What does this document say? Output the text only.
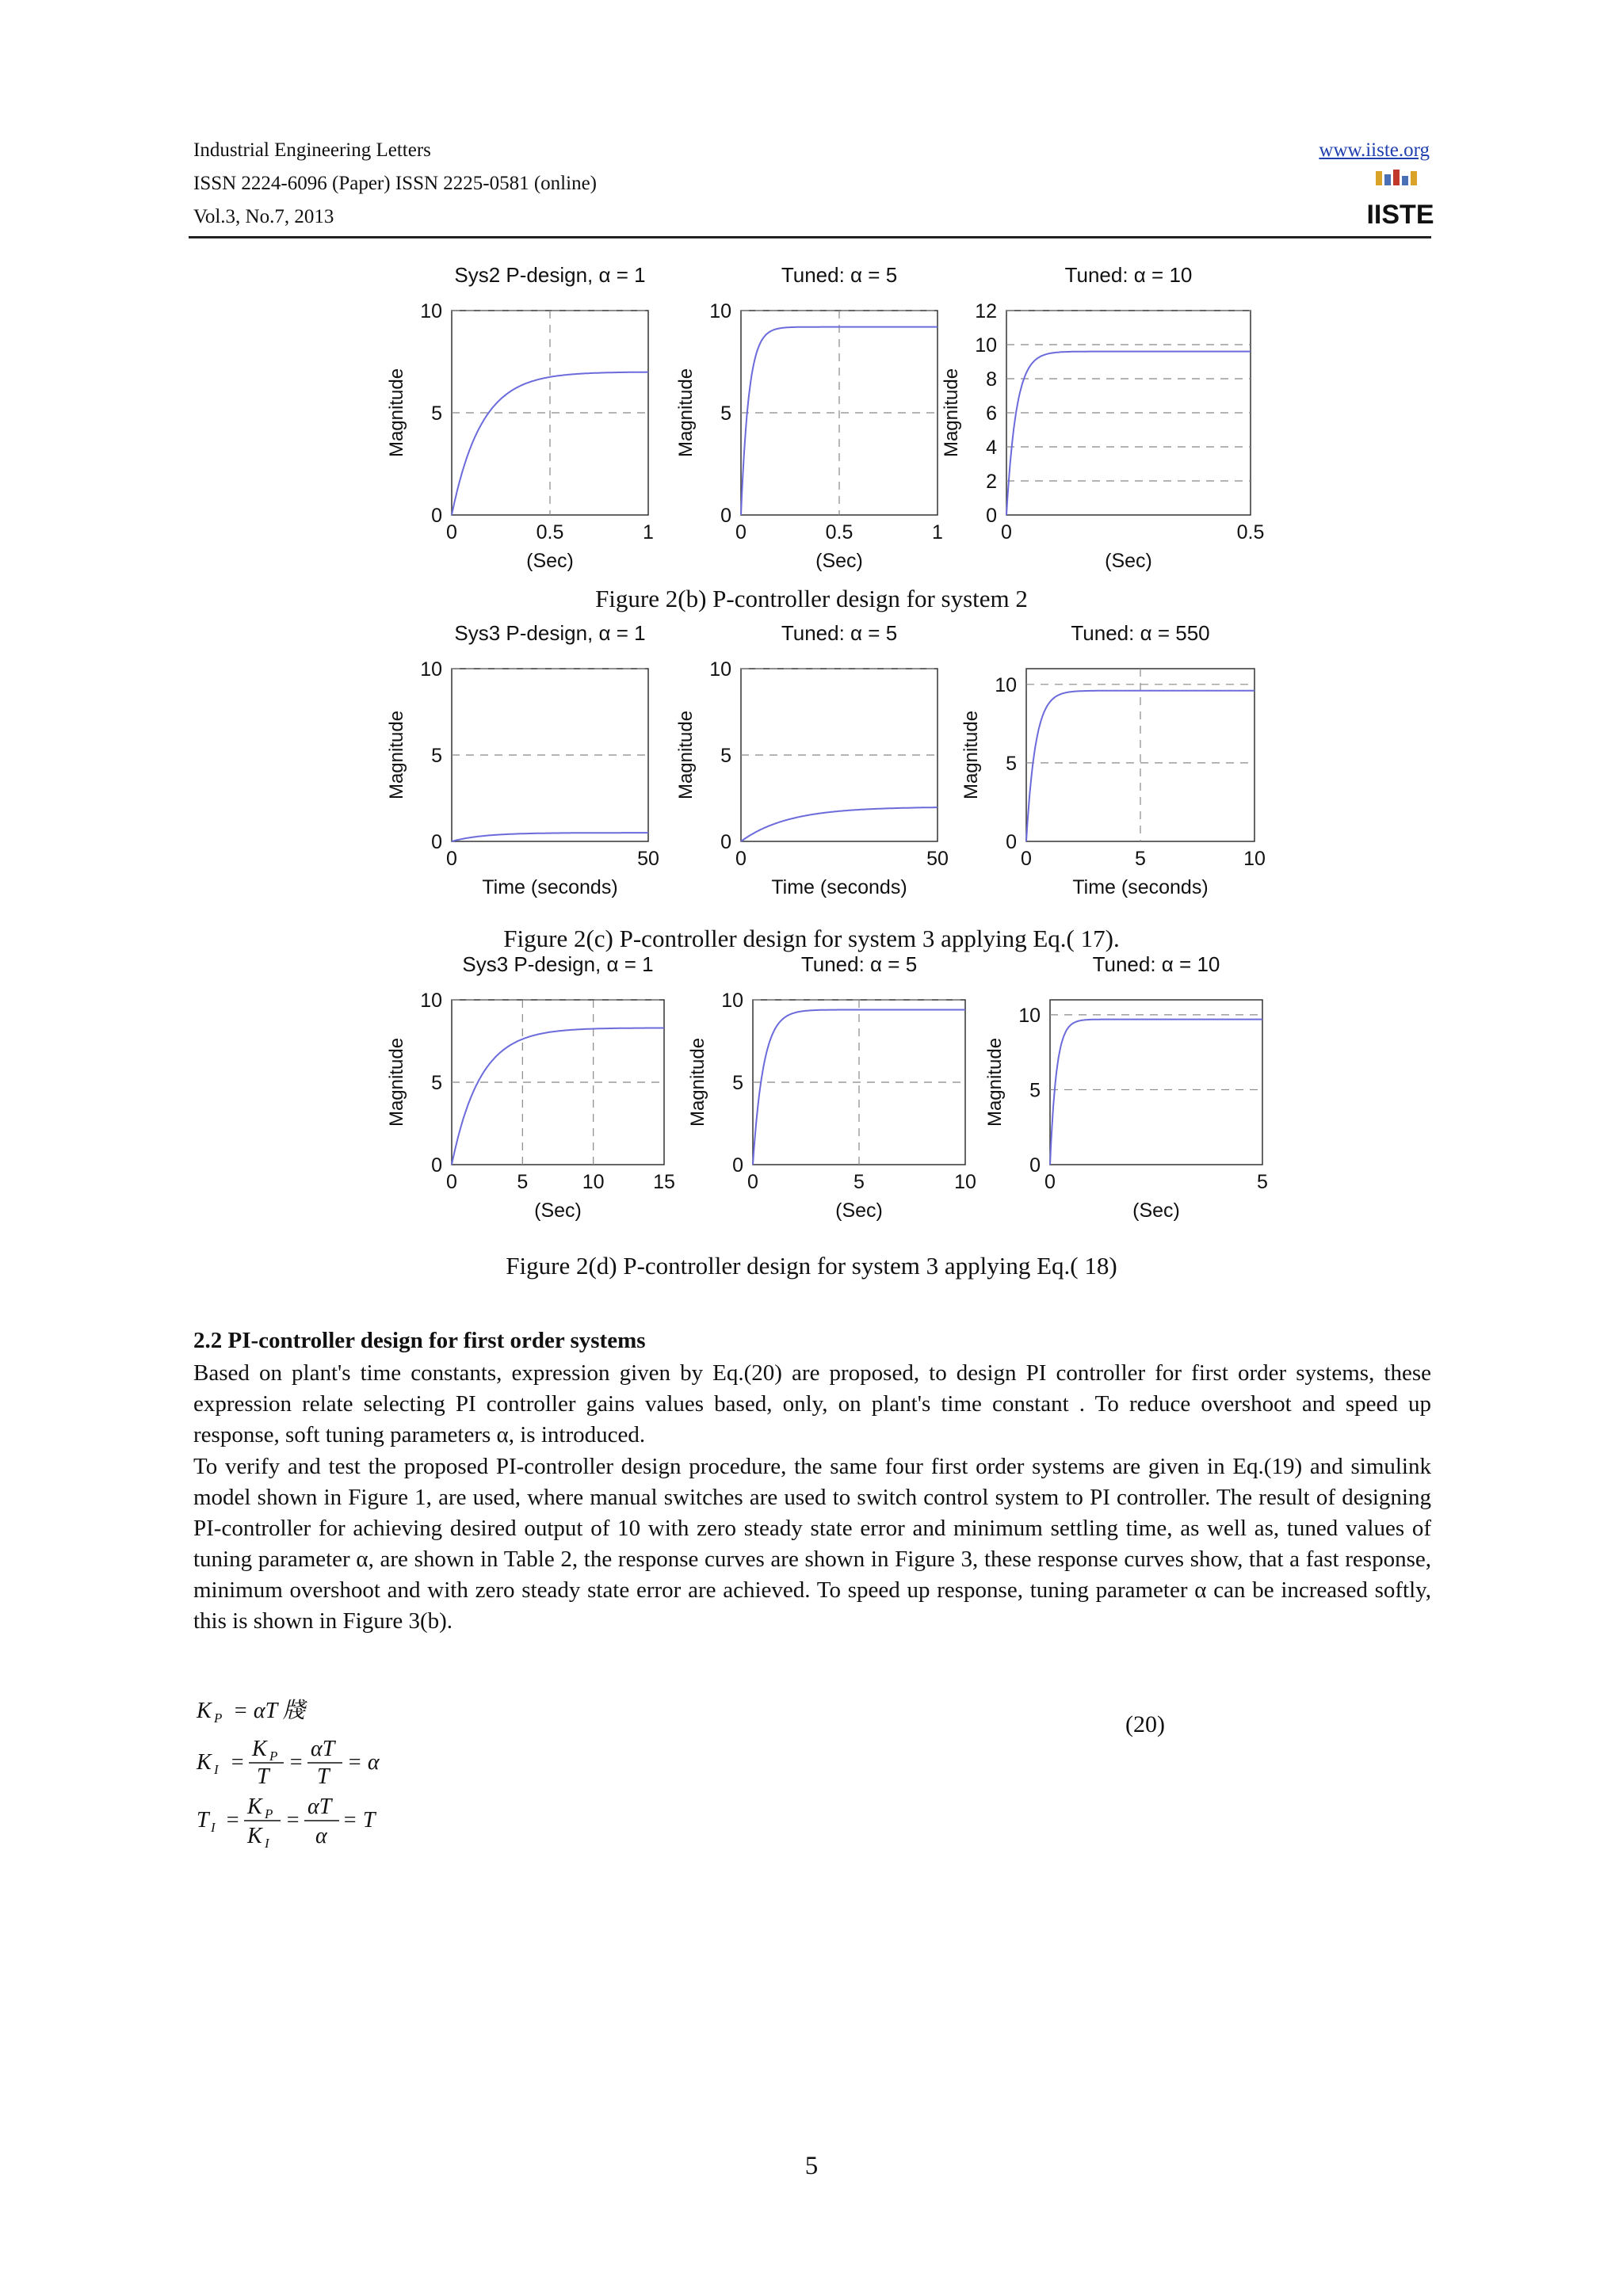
Industrial Engineering Letters
ISSN 2224-6096 (Paper) ISSN 2225-0581 (online)
Vol.3, No.7, 2013
www.iiste.org
IISTE
Sys2 P-design, α = 1
0
5
10
0	0.5	1
(Sec)
Magnitude
Tuned: α = 5
0
5
10
0	0.5	1
(Sec)
Magnitude
Tuned: α = 10
0
2
4
6
8
10
12
0	0.5
(Sec)
Magnitude
Figure 2(b) P-controller design for system 2
Sys3 P-design, α = 1
0
5
10
0	50
Time (seconds)
Magnitude
Tuned: α = 5
0
5
10
0	50
Time (seconds)
Magnitude
Tuned: α = 550
0
5
10
0	5	10
Time (seconds)
Magnitude
Figure 2(c) P-controller design for system 3 applying Eq.( 17).
Sys3 P-design, α = 1
0
5
10
0	5	10 15
(Sec)
Magnitude
Tuned: α = 5
0
5
10
0	5	10
(Sec)
Magnitude
Tuned: α = 10
0
5
10
0	5
(Sec)
Magnitude
Figure 2(d) P-controller design for system 3 applying Eq.( 18)
2.2 PI-controller design for first order systems

Based on plant's time constants, expression given by Eq.(20) are proposed, to design PI controller for first order systems, these expression relate selecting PI controller gains values based, only, on plant's time constant . To reduce overshoot and speed up response, soft tuning parameters α, is introduced.

To verify and test the proposed PI-controller design procedure, the same four first order systems are given in Eq.(19) and simulink model shown in Figure 1, are used, where manual switches are used to switch control system to PI controller. The result of designing PI-controller for achieving desired output of 10 with zero steady state error and minimum settling time, as well as, tuned values of tuning parameter α, are shown in Table 2, the response curves are shown in Figure 3, these response curves show, that a fast response, minimum overshoot and with zero steady state error are achieved. To speed up response, tuning parameter α can be increased softly, this is shown in Figure 3(b).

K P = αT 牋
K I =
K P
T
=
αT
T
= α
T I =
K P
K I
=
αT
α
= T
(20)
5
